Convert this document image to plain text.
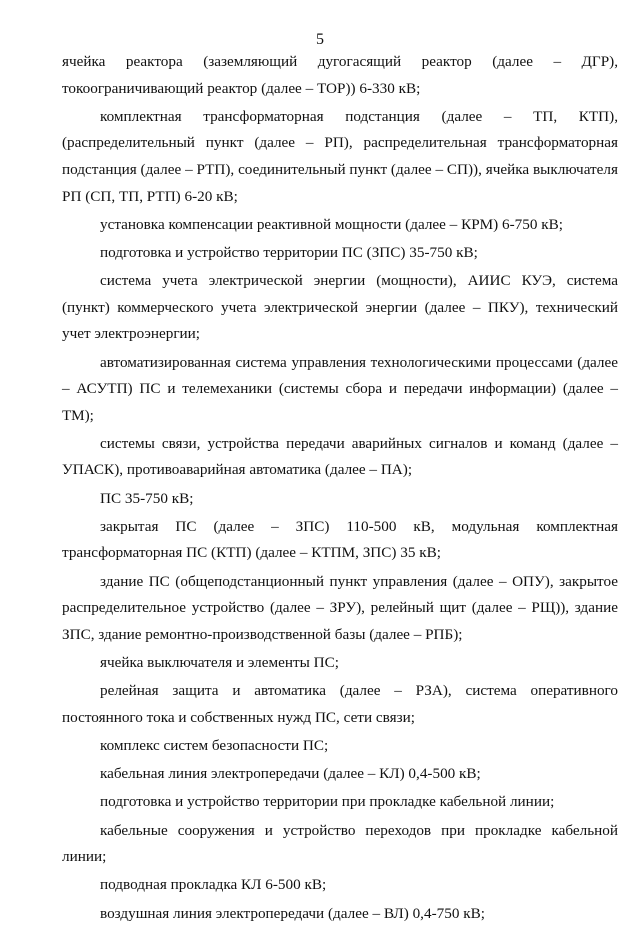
5

ячейка реактора (заземляющий дугогасящий реактор (далее – ДГР), токоограничивающий реактор (далее – ТОР)) 6-330 кВ;

комплектная трансформаторная подстанция (далее – ТП, КТП), (распределительный пункт (далее – РП), распределительная трансформаторная подстанция (далее – РТП), соединительный пункт (далее – СП)), ячейка выключателя РП (СП, ТП, РТП) 6-20 кВ;

установка компенсации реактивной мощности (далее – КРМ) 6-750 кВ;

подготовка и устройство территории ПС (ЗПС) 35-750 кВ;

система учета электрической энергии (мощности), АИИС КУЭ, система (пункт) коммерческого учета электрической энергии (далее – ПКУ), технический учет электроэнергии;

автоматизированная система управления технологическими процессами (далее – АСУТП) ПС и телемеханики (системы сбора и передачи информации) (далее – ТМ);

системы связи, устройства передачи аварийных сигналов и команд (далее – УПАСК), противоаварийная автоматика (далее – ПА);

ПС 35-750 кВ;

закрытая ПС (далее – ЗПС) 110-500 кВ, модульная комплектная трансформаторная ПС (КТП) (далее – КТПМ, ЗПС) 35 кВ;

здание ПС (общеподстанционный пункт управления (далее – ОПУ), закрытое распределительное устройство (далее – ЗРУ), релейный щит (далее – РЩ)), здание ЗПС, здание ремонтно-производственной базы (далее – РПБ);

ячейка выключателя и элементы ПС;

релейная защита и автоматика (далее – РЗА), система оперативного постоянного тока и собственных нужд ПС, сети связи;

комплекс систем безопасности ПС;

кабельная линия электропередачи (далее – КЛ) 0,4-500 кВ;

подготовка и устройство территории при прокладке кабельной линии;

кабельные сооружения и устройство переходов при прокладке кабельной линии;

подводная прокладка КЛ 6-500 кВ;

воздушная линия электропередачи (далее – ВЛ) 0,4-750 кВ;
